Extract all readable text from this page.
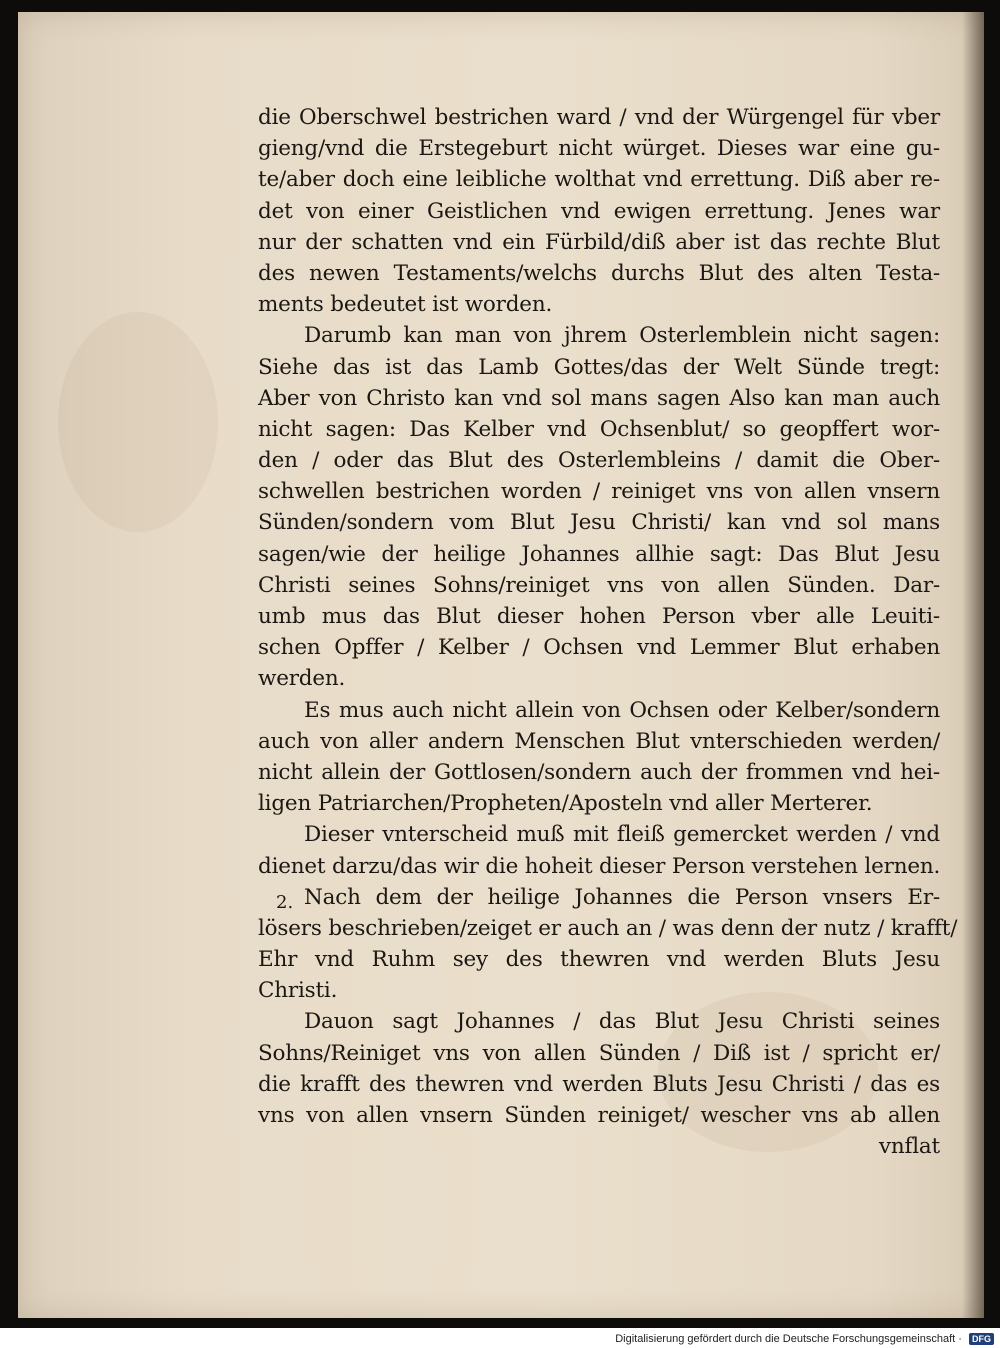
die Oberschwel bestrichen ward / vnd der Würgengel für vber
gieng/vnd die Erstegeburt nicht würget. Dieses war eine gu-
te/aber doch eine leibliche wolthat vnd errettung. Diß aber re-
det von einer Geistlichen vnd ewigen errettung. Jenes war
nur der schatten vnd ein Fürbild/diß aber ist das rechte Blut
des newen Testaments/welchs durchs Blut des alten Testa-
ments bedeutet ist worden.
Darumb kan man von jhrem Osterlemblein nicht sagen:
Siehe das ist das Lamb Gottes/das der Welt Sünde tregt:
Aber von Christo kan vnd sol mans sagen Also kan man auch
nicht sagen: Das Kelber vnd Ochsenblut/ so geopffert wor-
den / oder das Blut des Osterlembleins / damit die Ober-
schwellen bestrichen worden / reiniget vns von allen vnsern
Sünden/sondern vom Blut Jesu Christi/ kan vnd sol mans
sagen/wie der heilige Johannes allhie sagt: Das Blut Jesu
Christi seines Sohns/reiniget vns von allen Sünden. Dar-
umb mus das Blut dieser hohen Person vber alle Leuiti-
schen Opffer / Kelber / Ochsen vnd Lemmer Blut erhaben
werden.
Es mus auch nicht allein von Ochsen oder Kelber/sondern
auch von aller andern Menschen Blut vnterschieden werden/
nicht allein der Gottlosen/sondern auch der frommen vnd hei-
ligen Patriarchen/Propheten/Aposteln vnd aller Merterer.
Dieser vnterscheid muß mit fleiß gemercket werden / vnd
dienet darzu/das wir die hoheit dieser Person verstehen lernen.
Nach dem der heilige Johannes die Person vnsers Er-
lösers beschrieben/zeiget er auch an / was denn der nutz / krafft/
Ehr vnd Ruhm sey des thewren vnd werden Bluts Jesu
Christi.
Dauon sagt Johannes / das Blut Jesu Christi seines
Sohns/Reiniget vns von allen Sünden / Diß ist / spricht er/
die krafft des thewren vnd werden Bluts Jesu Christi / das es
vns von allen vnsern Sünden reiniget/ wescher vns ab allen
vnflat
2.
Digitalisierung gefördert durch die Deutsche Forschungsgemeinschaft · DFG
